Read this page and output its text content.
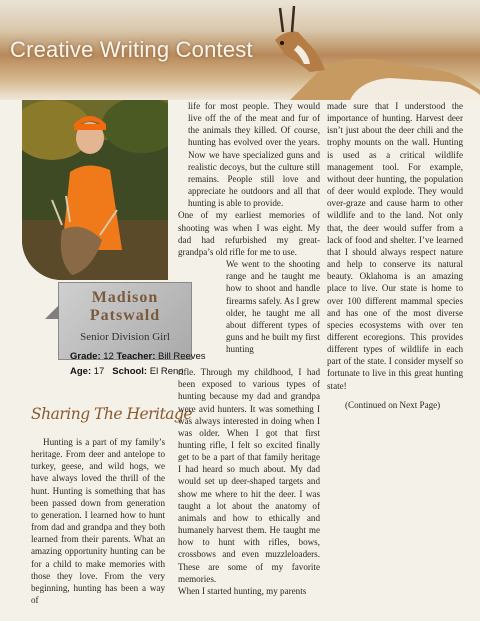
Creative Writing Contest
Madison
Patswald
Senior Division Girl
Grade: 12 Teacher: Bill Reeves
Age: 17 School: El Reno
Sharing The Heritage

Hunting is a part of my family’s heritage. From deer and antelope to turkey, geese, and wild hogs, we have always loved the thrill of the hunt. Hunting is something that has been passed down from generation to generation. I learned how to hunt from dad and grandpa and they both learned from their parents. What an amazing opportunity hunting can be for a child to make memories with those they love. From the very beginning, hunting has been a way of

life for most people. They would live off the of the meat and fur of the animals they killed. Of course, hunting has evolved over the years. Now we have specialized guns and realistic decoys, but the culture still remains. People still love and appreciate he outdoors and all that hunting is able to provide.

One of my earliest memories of shooting was when I was eight. My dad had refurbished my great-grandpa’s old rifle for me to use.

We went to the shooting range and he taught me how to shoot and handle firearms safely. As I grew older, he taught me all about different types of guns and he built my first hunting

rifle. Through my childhood, I had been exposed to various types of hunting because my dad and grandpa were avid hunters. It was something I was always interested in doing when I was older. When I got that first hunting rifle, I felt so excited finally get to be a part of that family heritage I had heard so much about. My dad would set up deer-shaped targets and show me where to hit the deer. I was taught a lot about the anatomy of animals and how to ethically and humanely harvest them. He taught me how to hunt with rifles, bows, crossbows and even muzzleloaders. These are some of my favorite memories.

When I started hunting, my parents

made sure that I understood the importance of hunting. Harvest deer isn’t just about the deer chili and the trophy mounts on the wall. Hunting is used as a critical wildlife management tool. For example, without deer hunting, the population of deer would explode. They would over-graze and cause harm to other wildlife and to the land. Not only that, the deer would suffer from a lack of food and shelter. I’ve learned that I should always respect nature and help to conserve its natural beauty. Oklahoma is an amazing place to live. Our state is home to over 100 different mammal species and has one of the most diverse species ecosystems with over ten different ecoregions. This provides different types of wildlife in each part of the state. I consider myself so fortunate to live in this great hunting state!

(Continued on Next Page)
